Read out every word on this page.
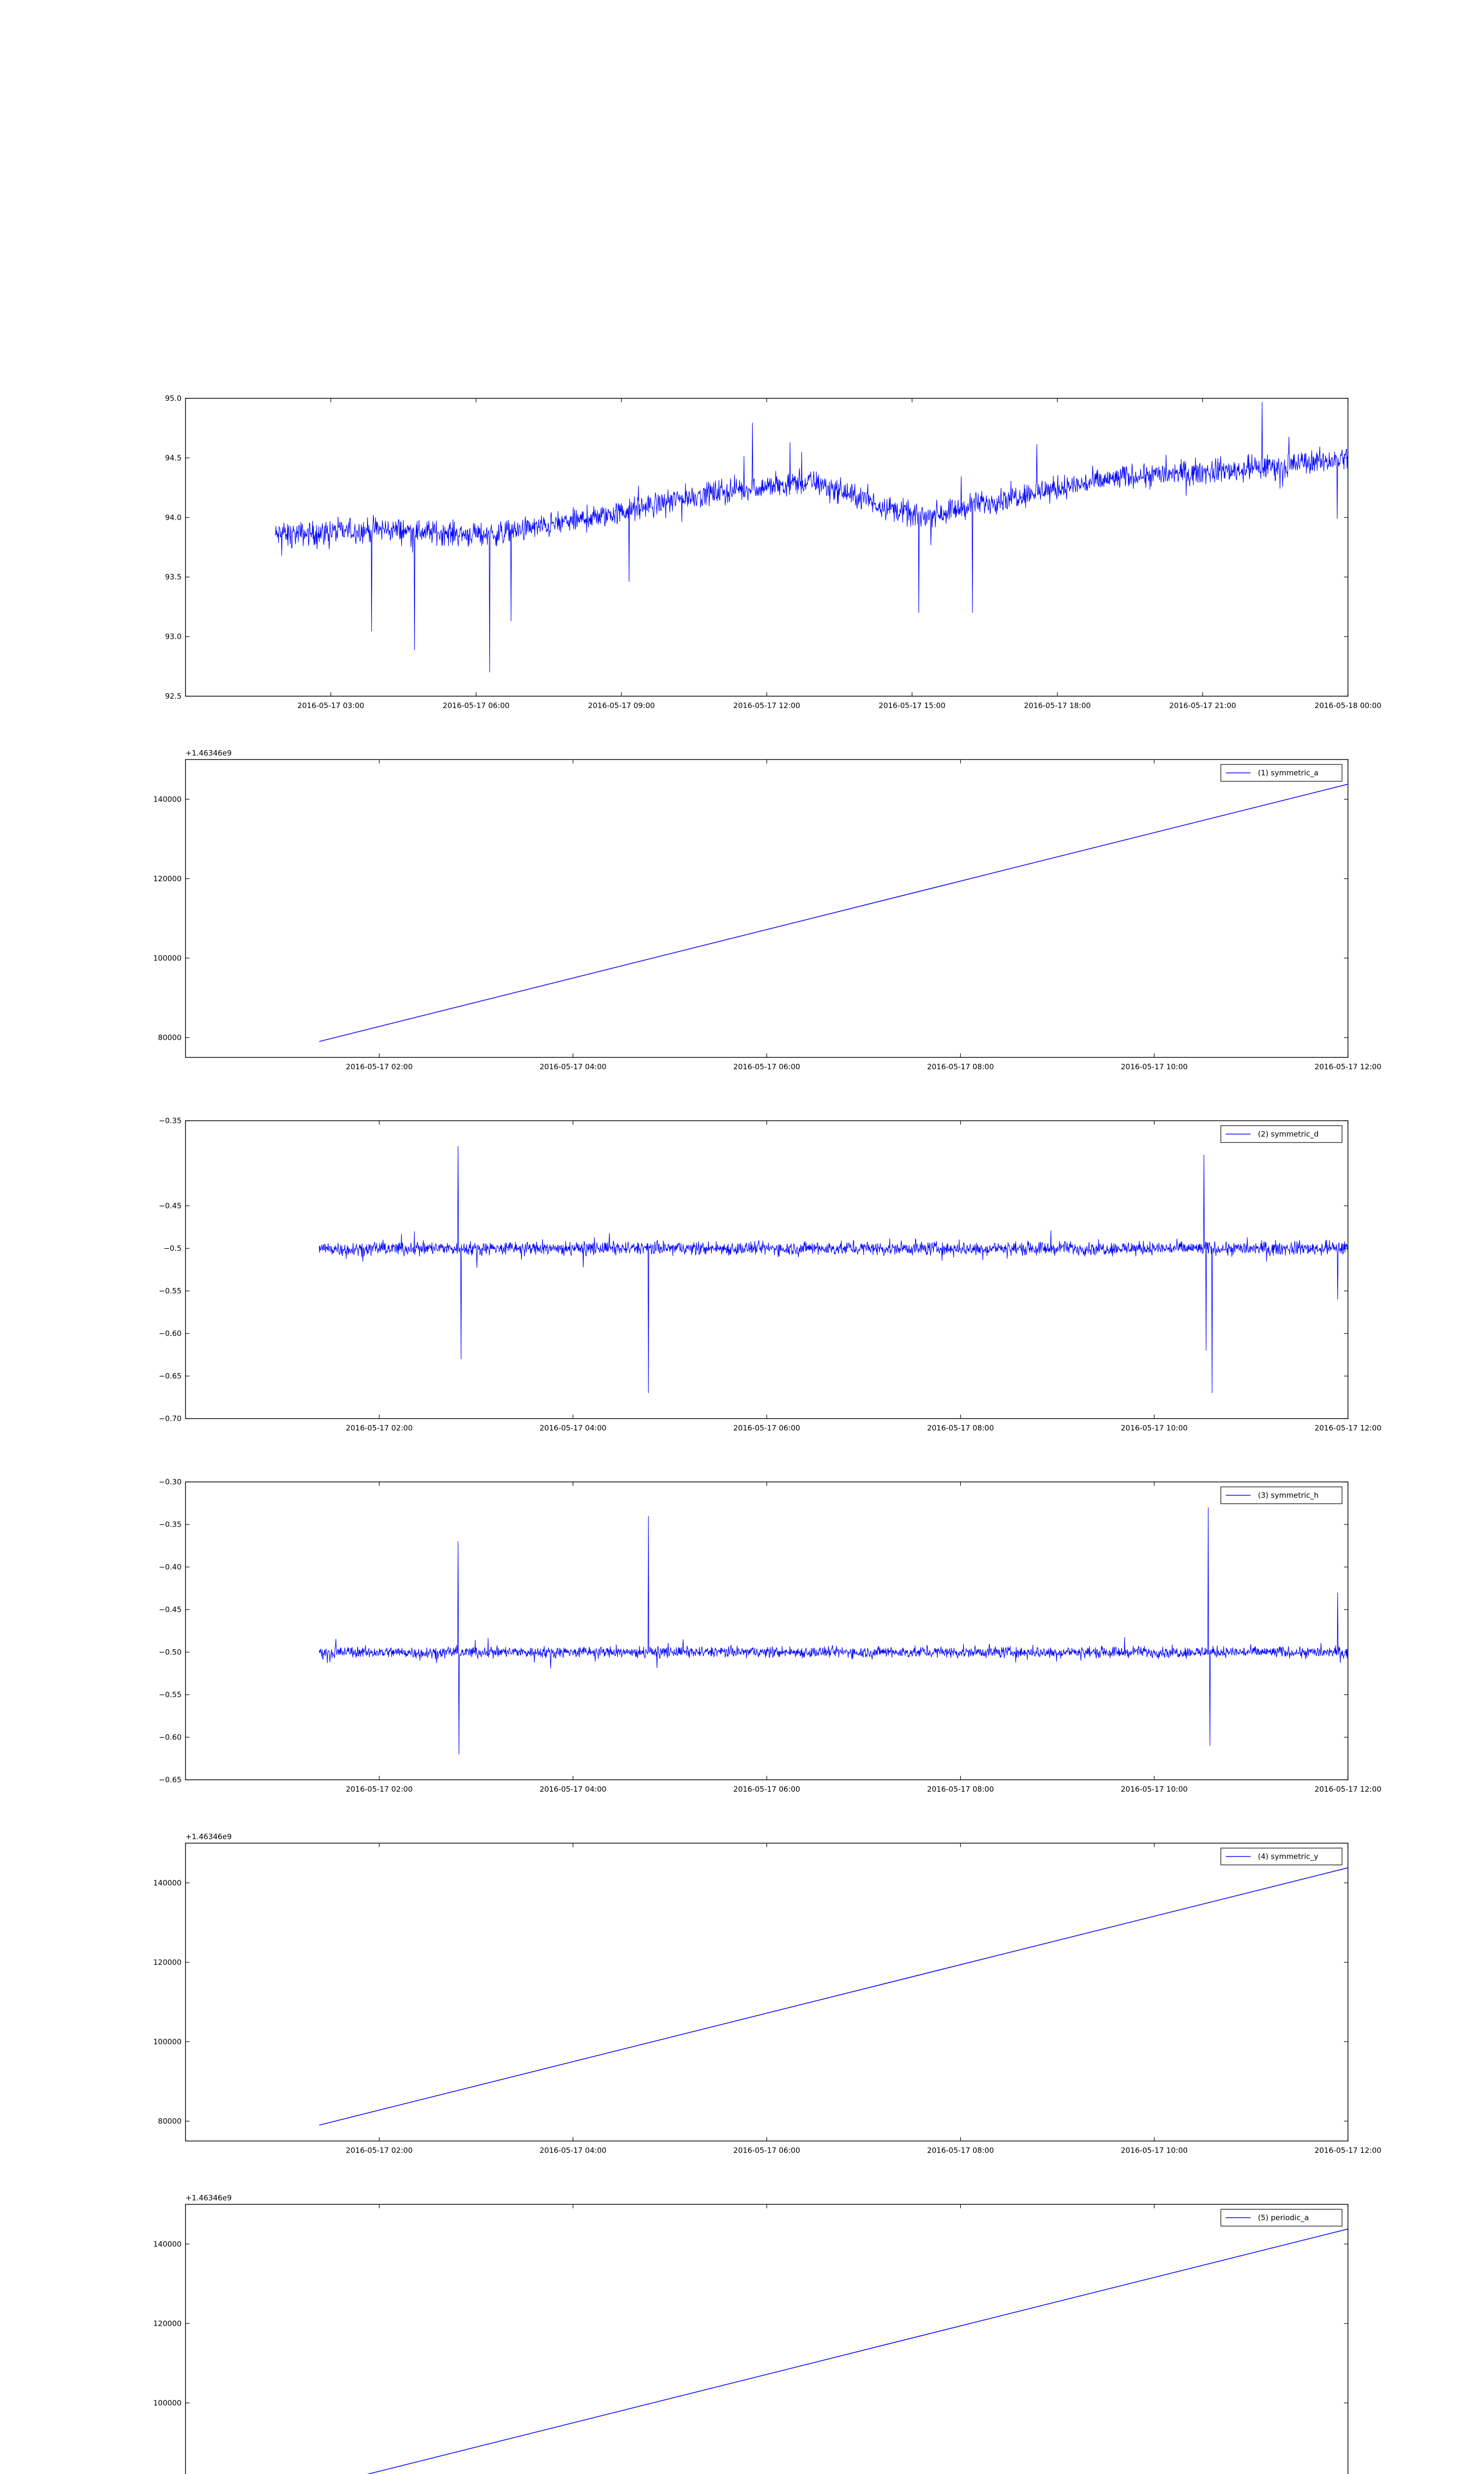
92.5
93.0
93.5
94.0
94.5
95.0
2016-05-17 03:00	2016-05-17 06:00	2016-05-17 09:00	2016-05-17 12:00	2016-05-17 15:00	2016-05-17 18:00	2016-05-17 21:00	2016-05-18 00:00
80000
100000
120000
140000
2016-05-17 02:00	2016-05-17 04:00	2016-05-17 06:00	2016-05-17 08:00	2016-05-17 10:00	2016-05-17 12:00
+1.46346e9
(1) symmetric_a
−0.35
−0.45
−0.5
−0.55
−0.60
−0.65
−0.70
2016-05-17 02:00	2016-05-17 04:00	2016-05-17 06:00	2016-05-17 08:00	2016-05-17 10:00	2016-05-17 12:00
(2) symmetric_d
−0.30
−0.35
−0.40
−0.45
−0.50
−0.55
−0.60
−0.65
2016-05-17 02:00	2016-05-17 04:00	2016-05-17 06:00	2016-05-17 08:00	2016-05-17 10:00	2016-05-17 12:00
(3) symmetric_h
80000
100000
120000
140000
2016-05-17 02:00	2016-05-17 04:00	2016-05-17 06:00	2016-05-17 08:00	2016-05-17 10:00	2016-05-17 12:00
+1.46346e9
(4) symmetric_y
100000
120000
140000
+1.46346e9
(5) periodic_a
